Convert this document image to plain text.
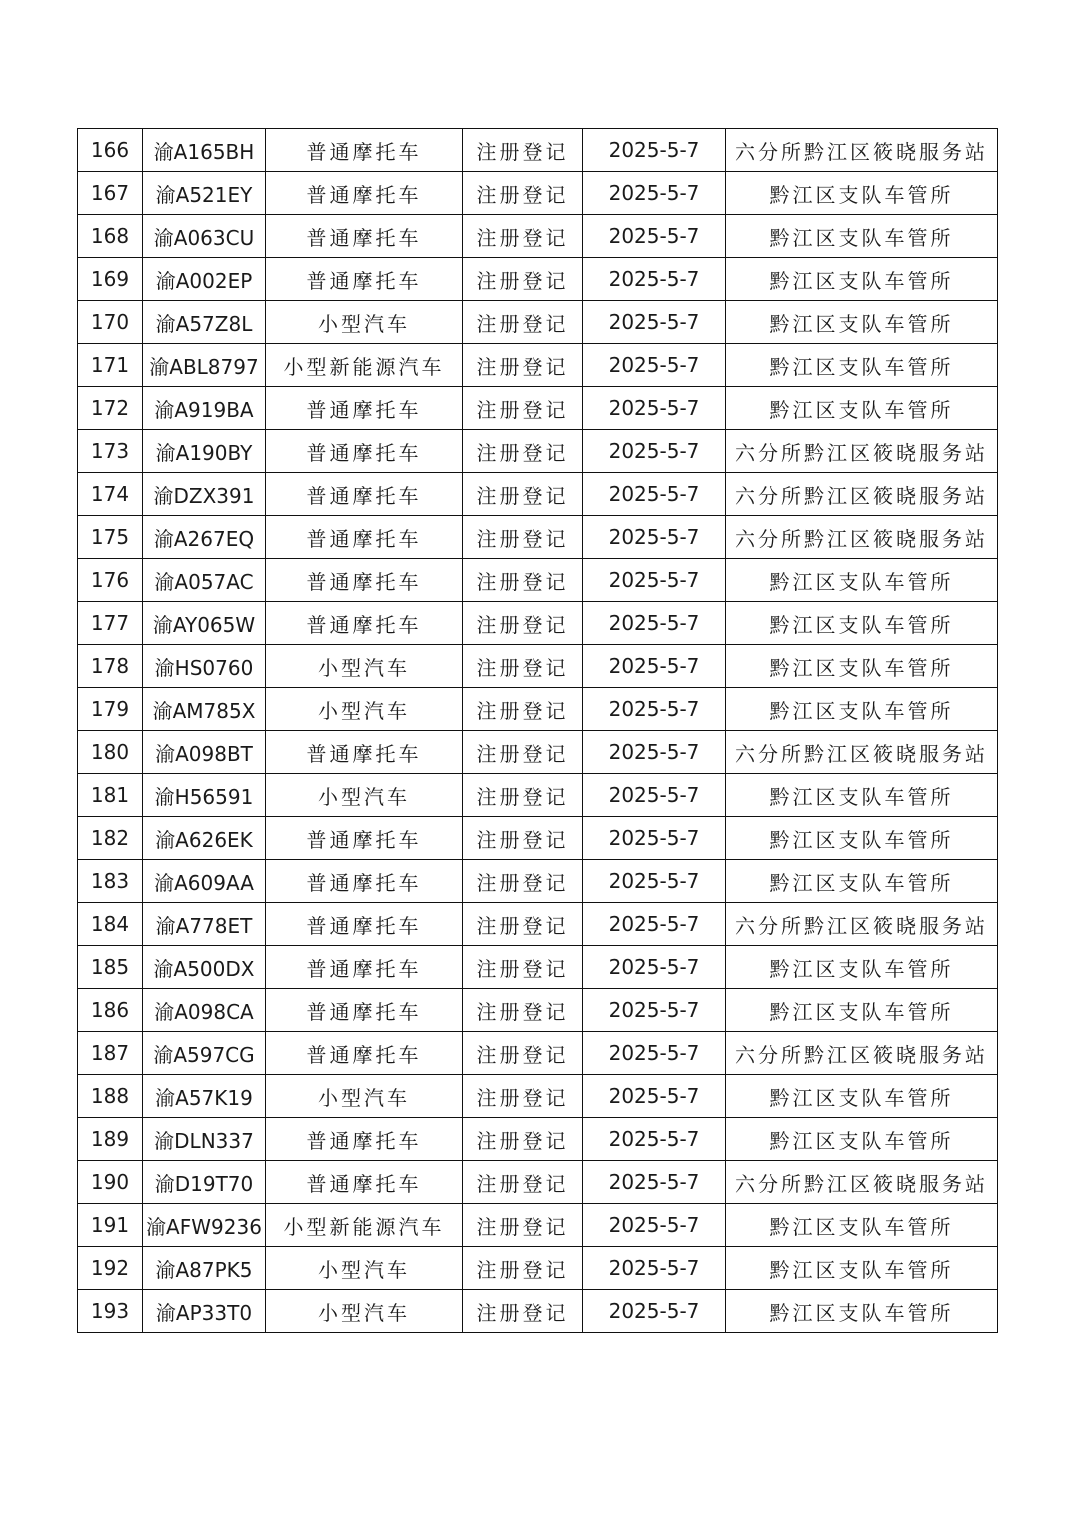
166	渝A165BH	普通摩托车	注册登记	2025-5-7	六分所黔江区筱晓服务站
167	渝A521EY	普通摩托车	注册登记	2025-5-7	黔江区支队车管所
168	渝A063CU	普通摩托车	注册登记	2025-5-7	黔江区支队车管所
169	渝A002EP	普通摩托车	注册登记	2025-5-7	黔江区支队车管所
170	渝A57Z8L	小型汽车	注册登记	2025-5-7	黔江区支队车管所
171	渝ABL8797	小型新能源汽车	注册登记	2025-5-7	黔江区支队车管所
172	渝A919BA	普通摩托车	注册登记	2025-5-7	黔江区支队车管所
173	渝A190BY	普通摩托车	注册登记	2025-5-7	六分所黔江区筱晓服务站
174	渝DZX391	普通摩托车	注册登记	2025-5-7	六分所黔江区筱晓服务站
175	渝A267EQ	普通摩托车	注册登记	2025-5-7	六分所黔江区筱晓服务站
176	渝A057AC	普通摩托车	注册登记	2025-5-7	黔江区支队车管所
177	渝AY065W	普通摩托车	注册登记	2025-5-7	黔江区支队车管所
178	渝HS0760	小型汽车	注册登记	2025-5-7	黔江区支队车管所
179	渝AM785X	小型汽车	注册登记	2025-5-7	黔江区支队车管所
180	渝A098BT	普通摩托车	注册登记	2025-5-7	六分所黔江区筱晓服务站
181	渝H56591	小型汽车	注册登记	2025-5-7	黔江区支队车管所
182	渝A626EK	普通摩托车	注册登记	2025-5-7	黔江区支队车管所
183	渝A609AA	普通摩托车	注册登记	2025-5-7	黔江区支队车管所
184	渝A778ET	普通摩托车	注册登记	2025-5-7	六分所黔江区筱晓服务站
185	渝A500DX	普通摩托车	注册登记	2025-5-7	黔江区支队车管所
186	渝A098CA	普通摩托车	注册登记	2025-5-7	黔江区支队车管所
187	渝A597CG	普通摩托车	注册登记	2025-5-7	六分所黔江区筱晓服务站
188	渝A57K19	小型汽车	注册登记	2025-5-7	黔江区支队车管所
189	渝DLN337	普通摩托车	注册登记	2025-5-7	黔江区支队车管所
190	渝D19T70	普通摩托车	注册登记	2025-5-7	六分所黔江区筱晓服务站
191	渝AFW9236	小型新能源汽车	注册登记	2025-5-7	黔江区支队车管所
192	渝A87PK5	小型汽车	注册登记	2025-5-7	黔江区支队车管所
193	渝AP33T0	小型汽车	注册登记	2025-5-7	黔江区支队车管所
